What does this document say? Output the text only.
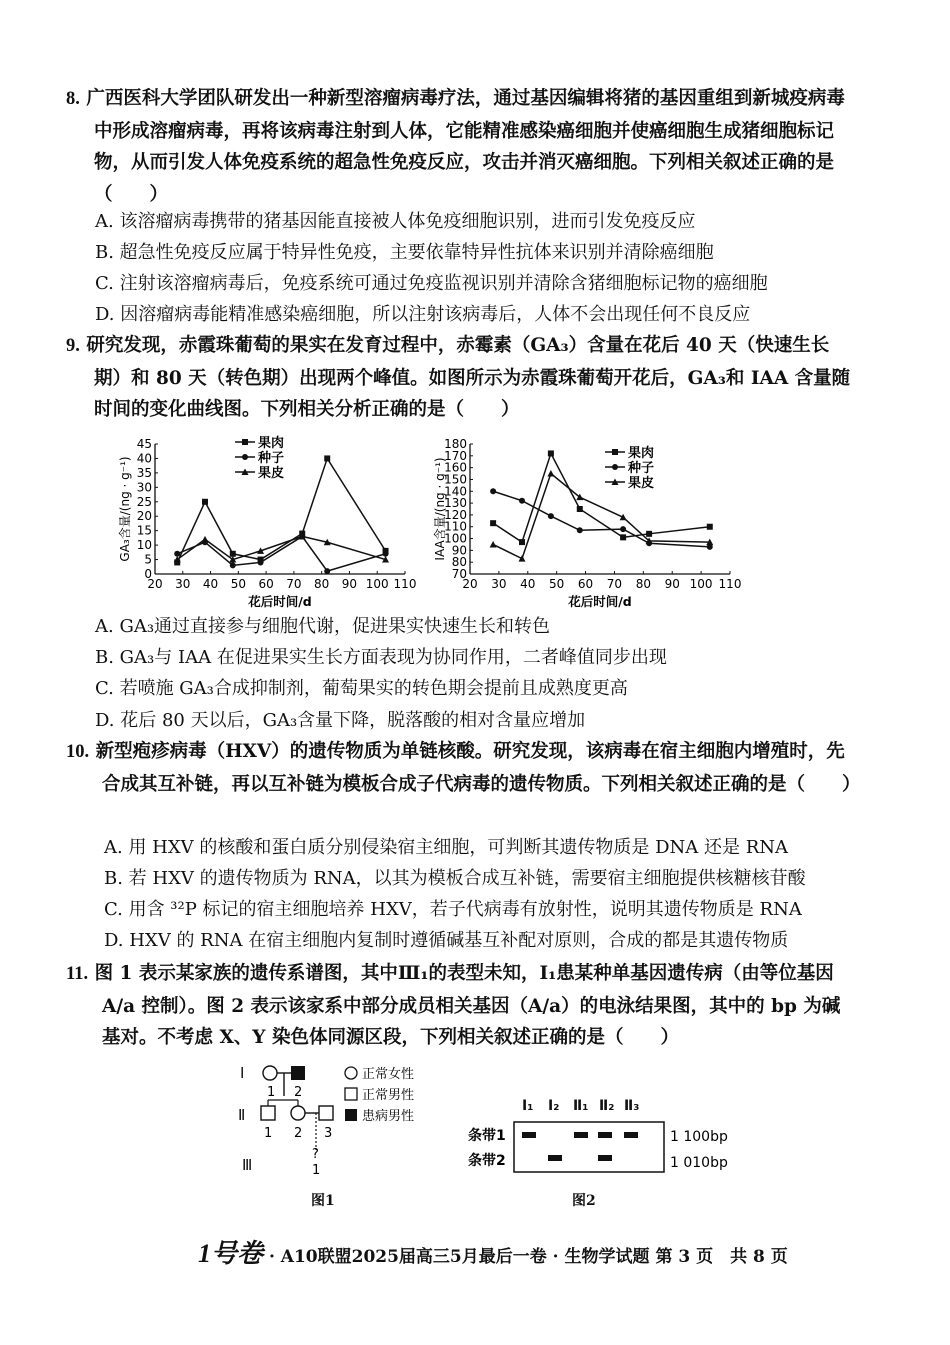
8. 广西医科大学团队研发出一种新型溶瘤病毒疗法，通过基因编辑将猪的基因重组到新城疫病毒中形成溶瘤病毒，再将该病毒注射到人体，它能精准感染癌细胞并使癌细胞生成猪细胞标记物，从而引发人体免疫系统的超急性免疫反应，攻击并消灭癌细胞。下列相关叙述正确的是（　　）
A. 该溶瘤病毒携带的猪基因能直接被人体免疫细胞识别，进而引发免疫反应
B. 超急性免疫反应属于特异性免疫，主要依靠特异性抗体来识别并清除癌细胞
C. 注射该溶瘤病毒后，免疫系统可通过免疫监视识别并清除含猪细胞标记物的癌细胞
D. 因溶瘤病毒能精准感染癌细胞，所以注射该病毒后，人体不会出现任何不良反应
9. 研究发现，赤霞珠葡萄的果实在发育过程中，赤霉素（GA₃）含量在花后 40 天（快速生长期）和 80 天（转色期）出现两个峰值。如图所示为赤霞珠葡萄开花后，GA₃和 IAA 含量随时间的变化曲线图。下列相关分析正确的是（　　）
20 30 40 50 60 70 80 90 100 110
0
5
10
15
20
25
30
35
40
45
花后时间/d
GA₃含量/(ng · g⁻¹)
果肉
种子
果皮
20 30 40 50 60 70 80 90 100 110
70
80
90
100
110
120
130
140
150
160
170
180
花后时间/d
IAA含量/(ng · g⁻¹)
果肉
种子
果皮
A. GA₃通过直接参与细胞代谢，促进果实快速生长和转色
B. GA₃与 IAA 在促进果实生长方面表现为协同作用，二者峰值同步出现
C. 若喷施 GA₃合成抑制剂，葡萄果实的转色期会提前且成熟度更高
D. 花后 80 天以后，GA₃含量下降，脱落酸的相对含量应增加
10. 新型疱疹病毒（HXV）的遗传物质为单链核酸。研究发现，该病毒在宿主细胞内增殖时，先合成其互补链，再以互补链为模板合成子代病毒的遗传物质。下列相关叙述正确的是（　　）
A. 用 HXV 的核酸和蛋白质分别侵染宿主细胞，可判断其遗传物质是 DNA 还是 RNA
B. 若 HXV 的遗传物质为 RNA，以其为模板合成互补链，需要宿主细胞提供核糖核苷酸
C. 用含 ³²P 标记的宿主细胞培养 HXV，若子代病毒有放射性，说明其遗传物质是 RNA
D. HXV 的 RNA 在宿主细胞内复制时遵循碱基互补配对原则，合成的都是其遗传物质
11. 图 1 表示某家族的遗传系谱图，其中Ⅲ₁的表型未知，I₁患某种单基因遗传病（由等位基因 A/a 控制）。图 2 表示该家系中部分成员相关基因（A/a）的电泳结果图，其中的 bp 为碱基对。不考虑 X、Y 染色体同源区段，下列相关叙述正确的是（　　）
Ⅰ
Ⅱ
Ⅲ
1 2
1 2 3
?
1
正常女性
正常男性
患病男性
图1
I₁ I₂ Ⅱ₁ Ⅱ₂ Ⅱ₃
条带1
条带2
1 100bp
1 010bp
图2
1号卷 · A10联盟2025届高三5月最后一卷 · 生物学试题 第 3 页　共 8 页
